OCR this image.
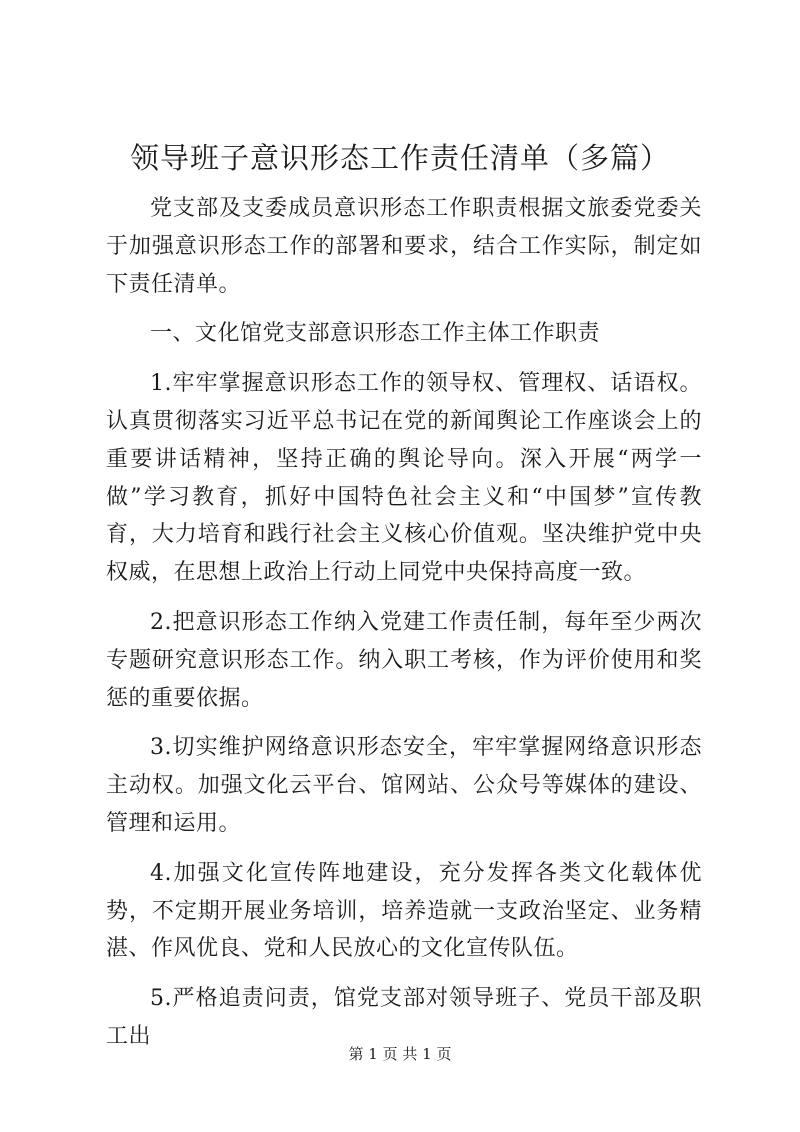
领导班子意识形态工作责任清单（多篇）

党支部及支委成员意识形态工作职责根据文旅委党委关于加强意识形态工作的部署和要求，结合工作实际，制定如下责任清单。

一、文化馆党支部意识形态工作主体工作职责

1.牢牢掌握意识形态工作的领导权、管理权、话语权。认真贯彻落实习近平总书记在党的新闻舆论工作座谈会上的重要讲话精神，坚持正确的舆论导向。深入开展“两学一做”学习教育，抓好中国特色社会主义和“中国梦”宣传教育，大力培育和践行社会主义核心价值观。坚决维护党中央权威，在思想上政治上行动上同党中央保持高度一致。

2.把意识形态工作纳入党建工作责任制，每年至少两次专题研究意识形态工作。纳入职工考核，作为评价使用和奖惩的重要依据。

3.切实维护网络意识形态安全，牢牢掌握网络意识形态主动权。加强文化云平台、馆网站、公众号等媒体的建设、管理和运用。

4.加强文化宣传阵地建设，充分发挥各类文化载体优势，不定期开展业务培训，培养造就一支政治坚定、业务精湛、作风优良、党和人民放心的文化宣传队伍。

5.严格追责问责，馆党支部对领导班子、党员干部及职工出

第 1 页 共 1 页
